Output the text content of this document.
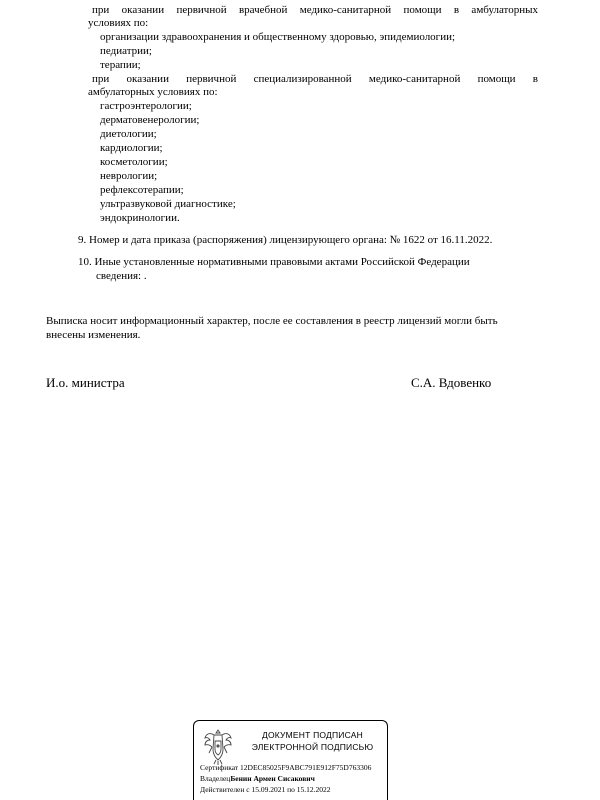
при оказании первичной врачебной медико-санитарной помощи в амбулаторных
условиях по:
организации здравоохранения и общественному здоровью, эпидемиологии;
педиатрии;
терапии;
при оказании первичной специализированной медико-санитарной помощи в
амбулаторных условиях по:
гастроэнтерологии;
дерматовенерологии;
диетологии;
кардиологии;
косметологии;
неврологии;
рефлексотерапии;
ультразвуковой диагностике;
эндокринологии.
9. Номер и дата приказа (распоряжения) лицензирующего органа: № 1622 от 16.11.2022.
10. Иные установленные нормативными правовыми актами Российской Федерации
сведения: .
Выписка носит информационный характер, после ее составления в реестр лицензий могли быть
внесены изменения.
И.о. министра	С.А. Вдовенко
ДОКУМЕНТ ПОДПИСАН
ЭЛЕКТРОННОЙ ПОДПИСЬЮ
Сертификат 12DEC85025F9ABC791E912F75D763306
ВладелецБенин Армен Сисакович
Действителен с 15.09.2021 по 15.12.2022
